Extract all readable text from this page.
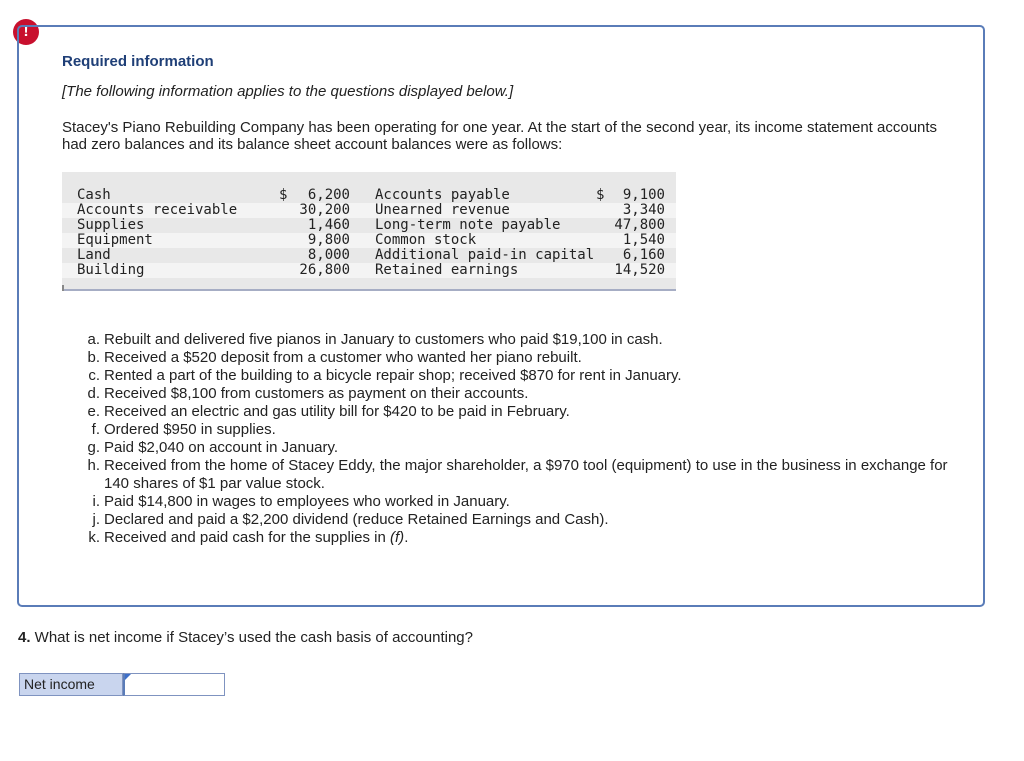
!
Required information
[The following information applies to the questions displayed below.]
Stacey's Piano Rebuilding Company has been operating for one year. At the start of the second year, its income statement accounts had zero balances and its balance sheet account balances were as follows:
Cash	$ 6,200 Accounts payable	$ 9,100
Accounts receivable	30,200 Unearned revenue	3,340
Supplies	1,460 Long-term note payable	47,800
Equipment	9,800 Common stock	1,540
Land	8,000 Additional paid-in capital 6,160
Building	26,800 Retained earnings	14,520
a. Rebuilt and delivered five pianos in January to customers who paid $19,100 in cash.
b. Received a $520 deposit from a customer who wanted her piano rebuilt.
c. Rented a part of the building to a bicycle repair shop; received $870 for rent in January.
d. Received $8,100 from customers as payment on their accounts.
e. Received an electric and gas utility bill for $420 to be paid in February.
f. Ordered $950 in supplies.
g. Paid $2,040 on account in January.
h. Received from the home of Stacey Eddy, the major shareholder, a $970 tool (equipment) to use in the business in exchange for 140 shares of $1 par value stock.
i. Paid $14,800 in wages to employees who worked in January.
j. Declared and paid a $2,200 dividend (reduce Retained Earnings and Cash).
k. Received and paid cash for the supplies in (f).
4. What is net income if Stacey’s used the cash basis of accounting?
Net income
